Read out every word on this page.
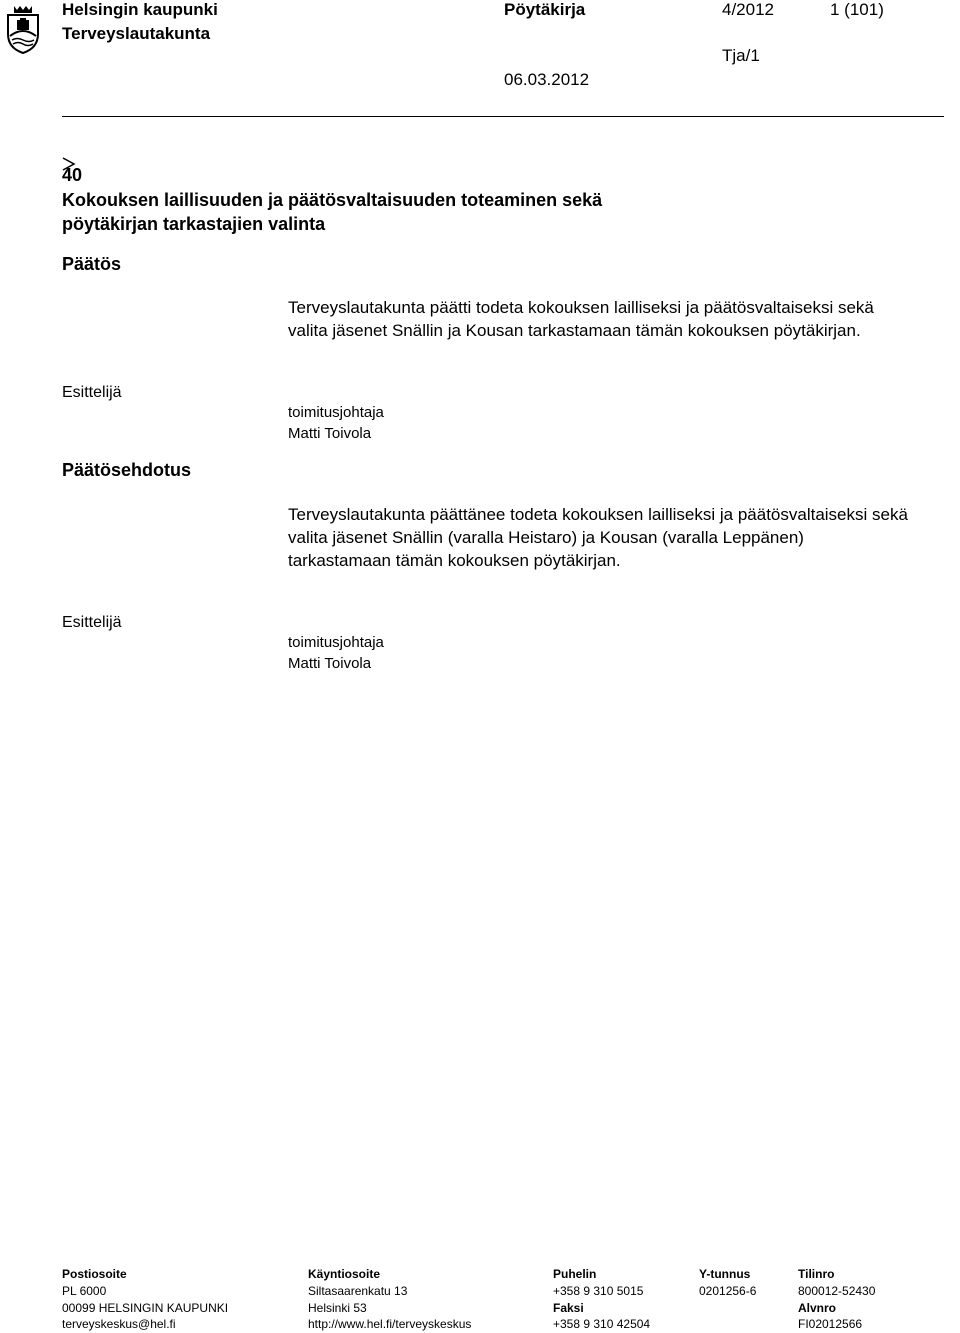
Helsingin kaupunki
Terveyslautakunta
Pöytäkirja	4/2012	1 (101)
Tja/1
06.03.2012
40
Kokouksen laillisuuden ja päätösvaltaisuuden toteaminen sekä
pöytäkirjan tarkastajien valinta
Päätös
Terveyslautakunta päätti todeta kokouksen lailliseksi ja päätösvaltaiseksi sekä valita jäsenet Snällin ja Kousan tarkastamaan tämän kokouksen pöytäkirjan.
Esittelijä
toimitusjohtaja
Matti Toivola
Päätösehdotus
Terveyslautakunta päättänee todeta kokouksen lailliseksi ja päätösvaltaiseksi sekä valita jäsenet Snällin (varalla Heistaro) ja Kousan (varalla Leppänen) tarkastamaan tämän kokouksen pöytäkirjan.
Esittelijä
toimitusjohtaja
Matti Toivola
Postiosoite
PL 6000
00099 HELSINGIN KAUPUNKI
terveyskeskus@hel.fi
Käyntiosoite
Siltasaarenkatu 13
Helsinki 53
http://www.hel.fi/terveyskeskus
Puhelin
+358 9 310 5015
Faksi
+358 9 310 42504
Y-tunnus
0201256-6
Tilinro
800012-52430
Alvnro
FI02012566
